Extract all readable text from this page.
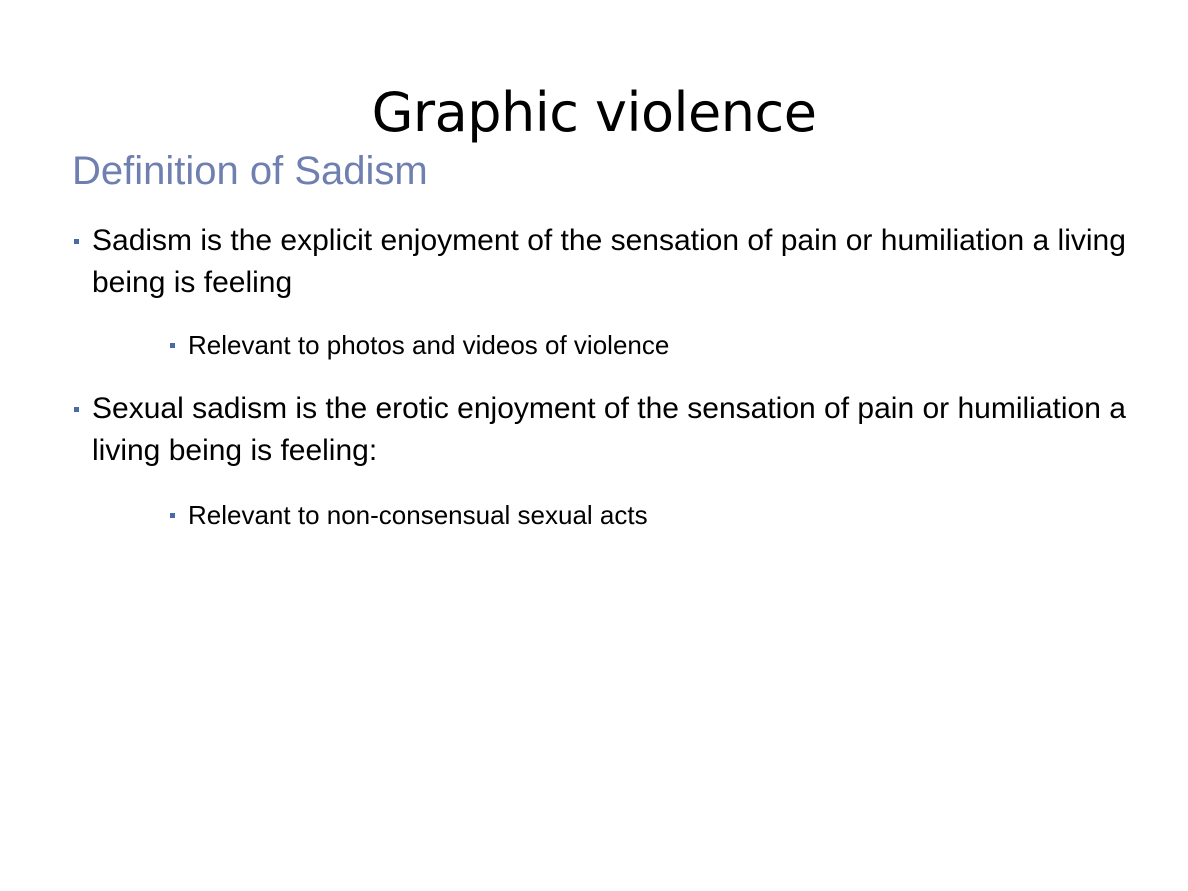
Graphic violence
Definition of Sadism
Sadism is the explicit enjoyment of the sensation of pain or humiliation a living being is feeling
Relevant to photos and videos of violence
Sexual sadism is the erotic enjoyment of the sensation of pain or humiliation a living being is feeling:
Relevant to non-consensual sexual acts
